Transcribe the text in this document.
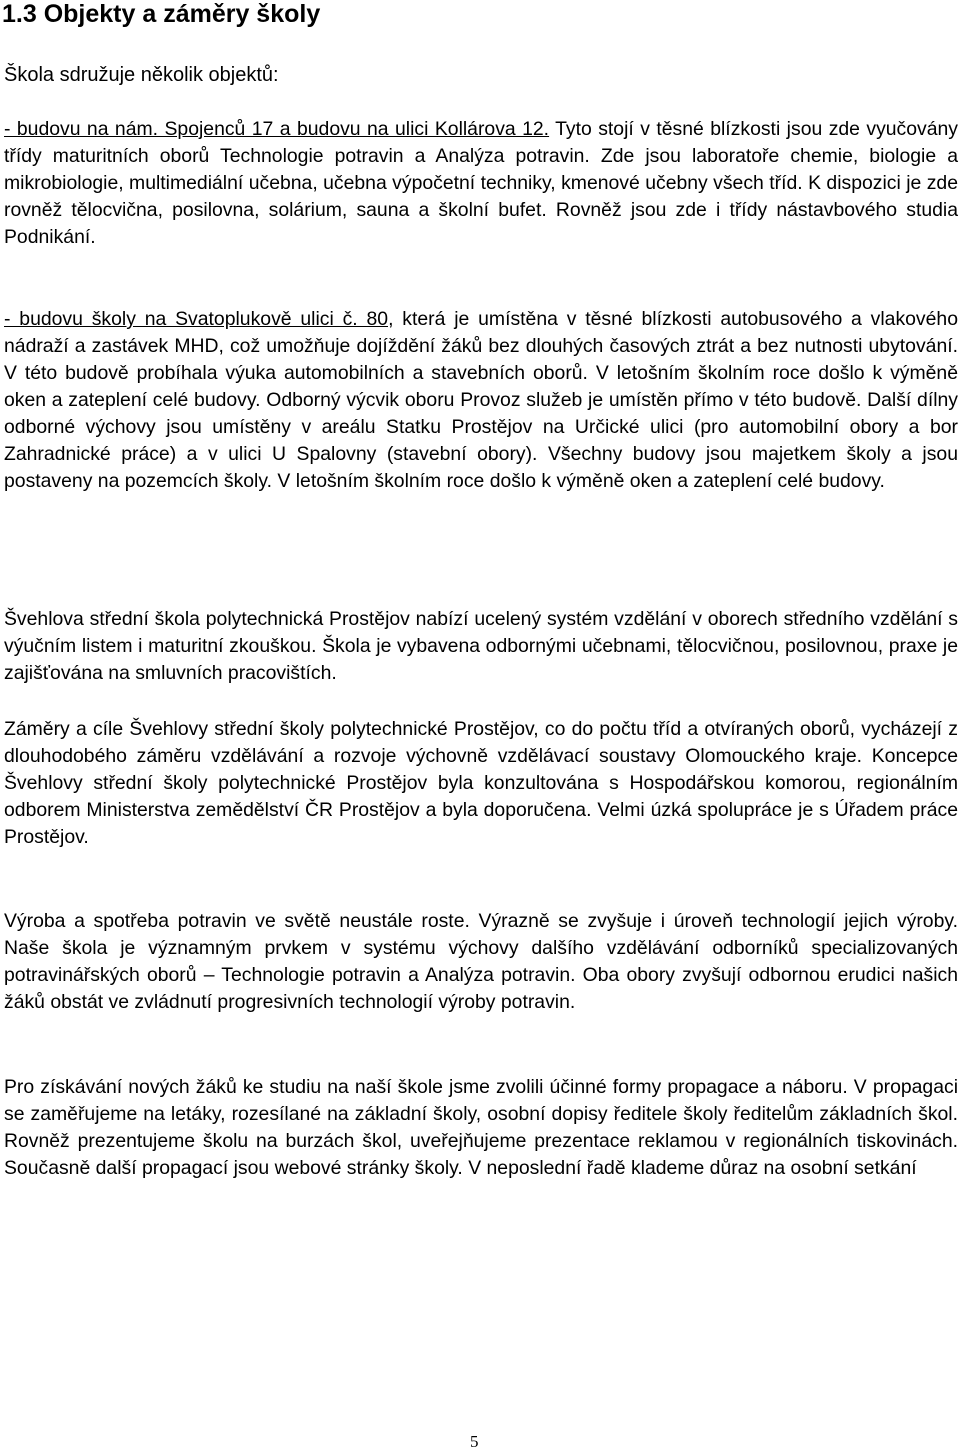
1.3 Objekty a záměry školy
Škola sdružuje několik objektů:

- budovu na nám. Spojenců 17 a budovu na ulici Kollárova 12. Tyto stojí v těsné blízkosti jsou zde vyučovány třídy maturitních oborů Technologie potravin a Analýza potravin. Zde jsou laboratoře chemie, biologie a mikrobiologie, multimediální učebna, učebna výpočetní techniky, kmenové učebny všech tříd. K dispozici je zde rovněž tělocvična, posilovna, solárium, sauna a školní bufet. Rovněž jsou zde i třídy nástavbového studia Podnikání.

- budovu školy na Svatoplukově ulici č. 80, která je umístěna v těsné blízkosti autobusového a vlakového nádraží a zastávek MHD, což umožňuje dojíždění žáků bez dlouhých časových ztrát a bez nutnosti ubytování. V této budově probíhala výuka automobilních a stavebních oborů. V letošním školním roce došlo k výměně oken a zateplení celé budovy. Odborný výcvik oboru Provoz služeb je umístěn přímo v této budově. Další dílny odborné výchovy jsou umístěny v areálu Statku Prostějov na Určické ulici (pro automobilní obory a bor Zahradnické práce) a v ulici U Spalovny (stavební obory). Všechny budovy jsou majetkem školy a jsou postaveny na pozemcích školy. V letošním školním roce došlo k výměně oken a zateplení celé budovy.

Švehlova střední škola polytechnická Prostějov nabízí ucelený systém vzdělání v oborech středního vzdělání s výučním listem i maturitní zkouškou. Škola je vybavena odbornými učebnami, tělocvičnou, posilovnou, praxe je zajišťována na smluvních pracovištích.

Záměry a cíle Švehlovy střední školy polytechnické Prostějov, co do počtu tříd a otvíraných oborů, vycházejí z dlouhodobého záměru vzdělávání a rozvoje výchovně vzdělávací soustavy Olomouckého kraje. Koncepce Švehlovy střední školy polytechnické Prostějov byla konzultována s Hospodářskou komorou, regionálním odborem Ministerstva zemědělství ČR Prostějov a byla doporučena. Velmi úzká spolupráce je s Úřadem práce Prostějov.

Výroba a spotřeba potravin ve světě neustále roste. Výrazně se zvyšuje i úroveň technologií jejich výroby. Naše škola je významným prvkem v systému výchovy dalšího vzdělávání odborníků specializovaných potravinářských oborů – Technologie potravin a Analýza potravin. Oba obory zvyšují odbornou erudici našich žáků obstát ve zvládnutí progresivních technologií výroby potravin.

Pro získávání nových žáků ke studiu na naší škole jsme zvolili účinné formy propagace a náboru. V propagaci se zaměřujeme na letáky, rozesílané na základní školy, osobní dopisy ředitele školy ředitelům základních škol. Rovněž prezentujeme školu na burzách škol, uveřejňujeme prezentace reklamou v regionálních tiskovinách. Současně další propagací jsou webové stránky školy. V neposlední řadě klademe důraz na osobní setkání

5
